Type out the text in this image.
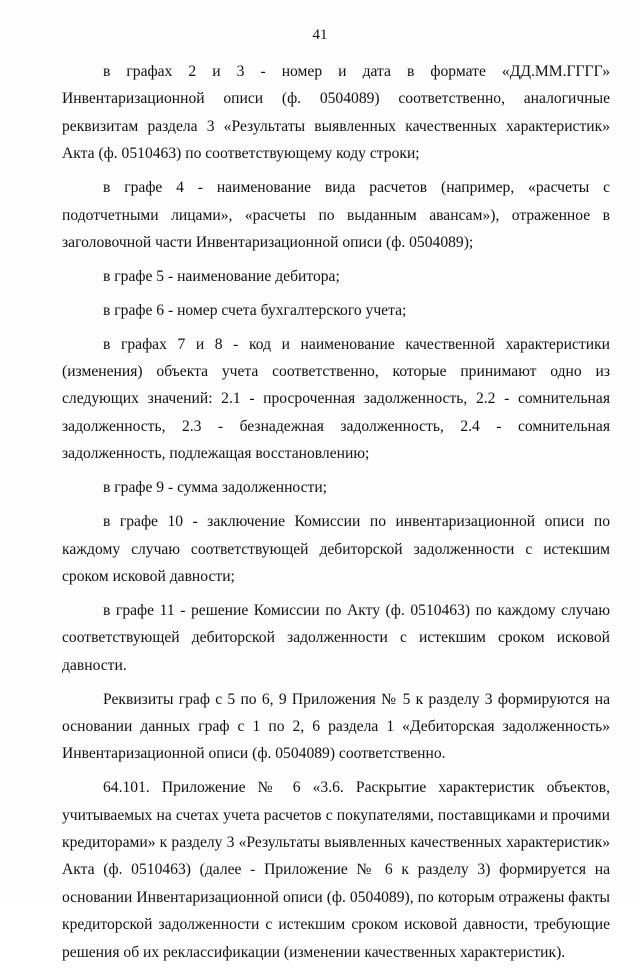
41

в графах 2 и 3 - номер и дата в формате «ДД.ММ.ГГГГ» Инвентаризационной описи (ф. 0504089) соответственно, аналогичные реквизитам раздела 3 «Результаты выявленных качественных характеристик» Акта (ф. 0510463) по соответствующему коду строки;

в графе 4 - наименование вида расчетов (например, «расчеты с подотчетными лицами», «расчеты по выданным авансам»), отраженное в заголовочной части Инвентаризационной описи (ф. 0504089);

в графе 5 - наименование дебитора;

в графе 6 - номер счета бухгалтерского учета;

в графах 7 и 8 - код и наименование качественной характеристики (изменения) объекта учета соответственно, которые принимают одно из следующих значений: 2.1 - просроченная задолженность, 2.2 - сомнительная задолженность, 2.3 - безнадежная задолженность, 2.4 - сомнительная задолженность, подлежащая восстановлению;

в графе 9 - сумма задолженности;

в графе 10 - заключение Комиссии по инвентаризационной описи по каждому случаю соответствующей дебиторской задолженности с истекшим сроком исковой давности;

в графе 11 - решение Комиссии по Акту (ф. 0510463) по каждому случаю соответствующей дебиторской задолженности с истекшим сроком исковой давности.

Реквизиты граф с 5 по 6, 9 Приложения № 5 к разделу 3 формируются на основании данных граф с 1 по 2, 6 раздела 1 «Дебиторская задолженность» Инвентаризационной описи (ф. 0504089) соответственно.

64.101. Приложение № 6 «3.6. Раскрытие характеристик объектов, учитываемых на счетах учета расчетов с покупателями, поставщиками и прочими кредиторами» к разделу 3 «Результаты выявленных качественных характеристик» Акта (ф. 0510463) (далее - Приложение № 6 к разделу 3) формируется на основании Инвентаризационной описи (ф. 0504089), по которым отражены факты кредиторской задолженности с истекшим сроком исковой давности, требующие решения об их реклассификации (изменении качественных характеристик).
